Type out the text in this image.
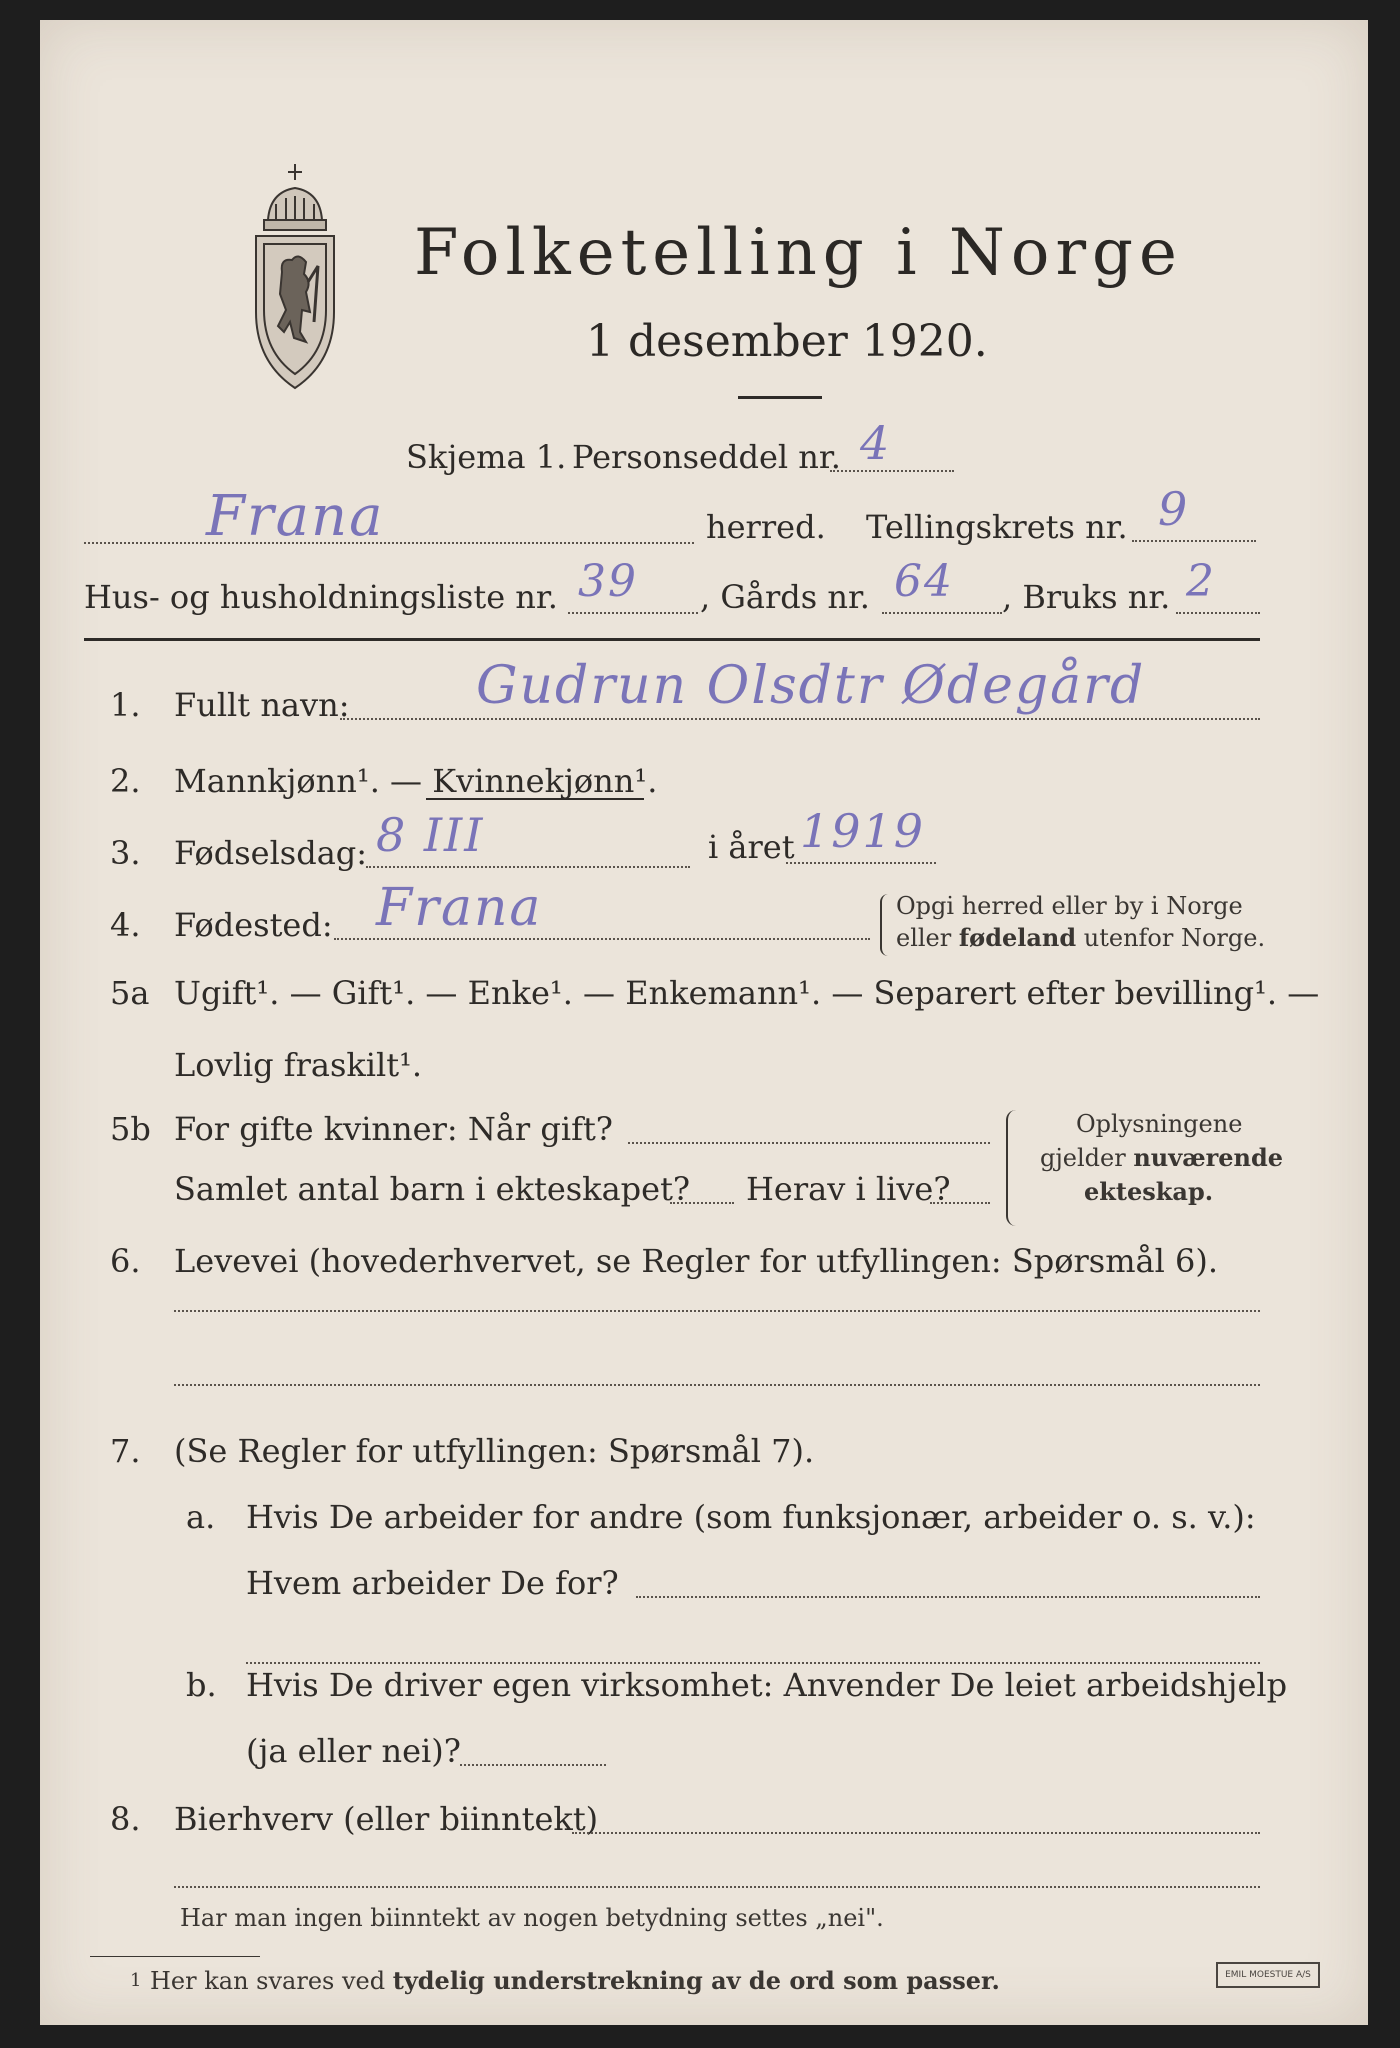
Folketelling i Norge
1 desember 1920.
Skjema 1. Personseddel nr. 4
Frana	herred. Tellingskrets nr. 9
Hus- og husholdningsliste nr. 39 , Gårds nr. 64 , Bruks nr. 2
1. Fullt navn: Gudrun Olsdtr Ødegård
2. Mannkjønn¹. — Kvinnekjønn¹.
3. Fødselsdag: 8 III	i året 1919
4. Fødested: Frana	Opgi herred eller by i Norge
eller fødeland utenfor Norge.
5a Ugift¹. — Gift¹. — Enke¹. — Enkemann¹. — Separert efter bevilling¹. —
Lovlig fraskilt¹.
5b For gifte kvinner: Når gift?
Samlet antal barn i ekteskapet? Herav i live?
Oplysningene
gjelder nuværende
ekteskap.
6. Levevei (hovederhvervet, se Regler for utfyllingen: Spørsmål 6).
7. (Se Regler for utfyllingen: Spørsmål 7).
a. Hvis De arbeider for andre (som funksjonær, arbeider o. s. v.):
Hvem arbeider De for?
b. Hvis De driver egen virksomhet: Anvender De leiet arbeidshjelp
(ja eller nei)?
8. Bierhverv (eller biinntekt)
Har man ingen biinntekt av nogen betydning settes „nei".
1 Her kan svares ved tydelig understrekning av de ord som passer.	EMIL MOESTUE A/S
